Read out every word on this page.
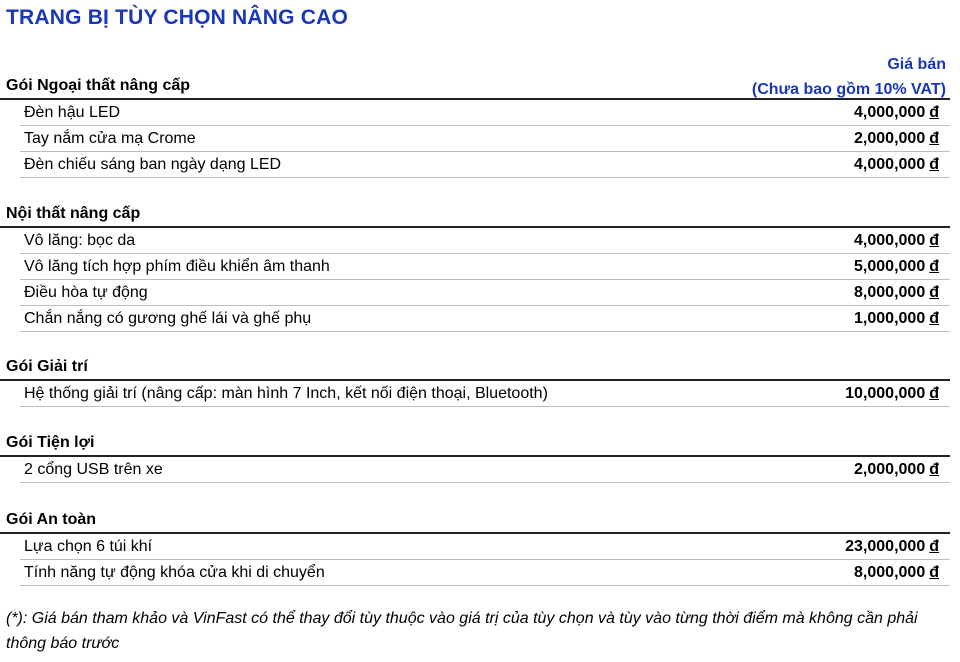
TRANG BỊ TÙY CHỌN NÂNG CAO
Giá bán
(Chưa bao gồm 10% VAT)
Gói Ngoại thất nâng cấp
Đèn hậu LED	4,000,000 đ
Tay nắm cửa mạ Crome	2,000,000 đ
Đèn chiếu sáng ban ngày dạng LED	4,000,000 đ
Nội thất nâng cấp
Vô lăng: bọc da	4,000,000 đ
Vô lăng tích hợp phím điều khiển âm thanh	5,000,000 đ
Điều hòa tự động	8,000,000 đ
Chắn nắng có gương ghế lái và ghế phụ	1,000,000 đ
Gói Giải trí
Hệ thống giải trí (nâng cấp: màn hình 7 Inch, kết nối điện thoại, Bluetooth)	10,000,000 đ
Gói Tiện lợi
2 cổng USB trên xe	2,000,000 đ
Gói An toàn
Lựa chọn 6 túi khí	23,000,000 đ
Tính năng tự động khóa cửa khi di chuyển	8,000,000 đ
(*): Giá bán tham khảo và VinFast có thể thay đổi tùy thuộc vào giá trị của tùy chọn và tùy vào từng thời điểm mà không cần phải thông báo trước
